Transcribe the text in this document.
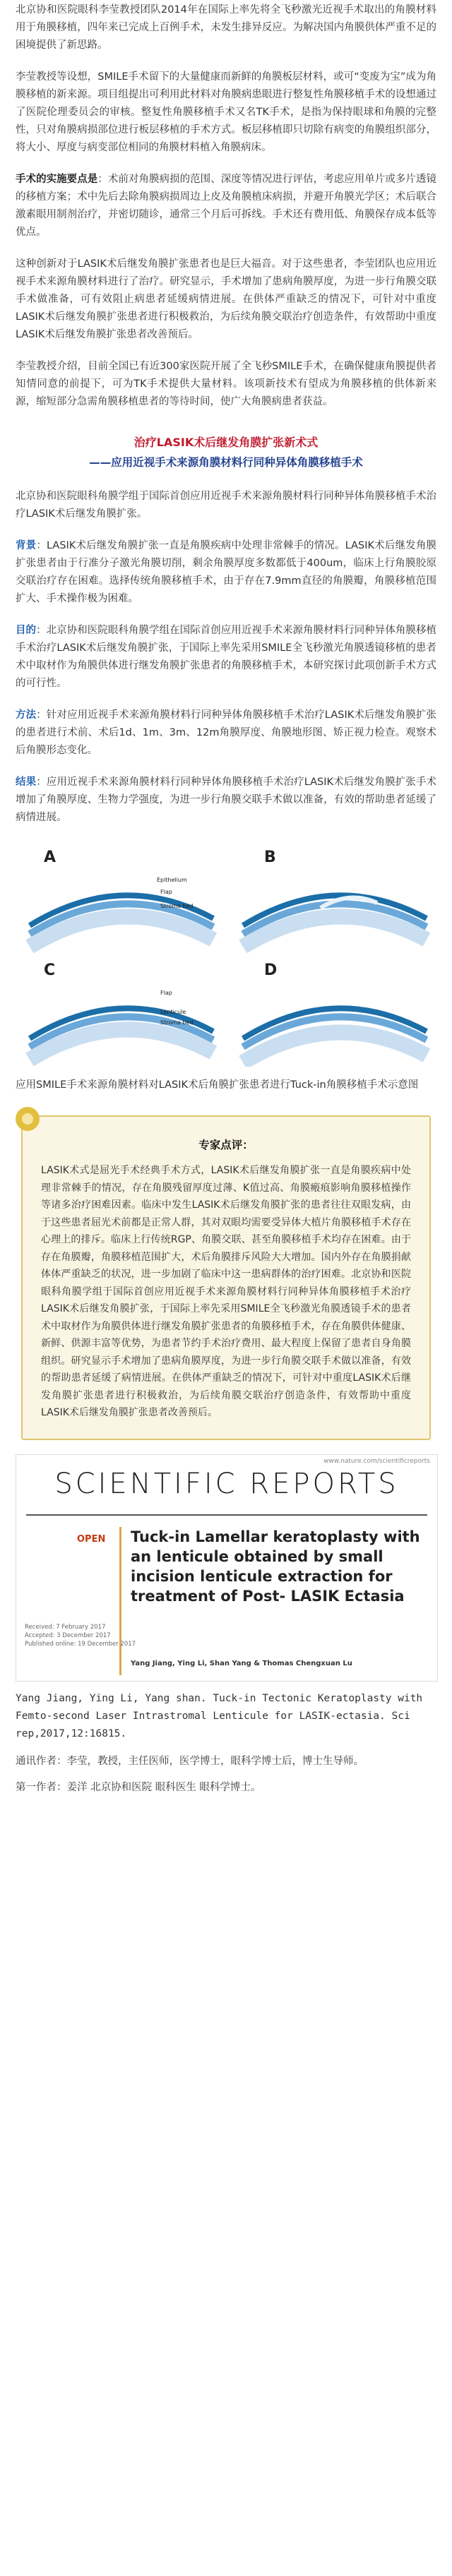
北京协和医院眼科李莹教授团队2014年在国际上率先将全飞秒激光近视手术取出的角膜材料用于角膜移植，四年来已完成上百例手术，未发生排异反应。为解决国内角膜供体严重不足的困境提供了新思路。

李莹教授等设想，SMILE手术留下的大量健康而新鲜的角膜板层材料，或可“变废为宝”成为角膜移植的新来源。项目组提出可利用此材料对角膜病患眼进行整复性角膜移植手术的设想通过了医院伦理委员会的审核。整复性角膜移植手术又名TK手术，是指为保持眼球和角膜的完整性，只对角膜病损部位进行板层移植的手术方式。板层移植即只切除有病变的角膜组织部分，将大小、厚度与病变部位相同的角膜材料植入角膜病床。

手术的实施要点是：术前对角膜病损的范围、深度等情况进行评估，考虑应用单片或多片透镜的移植方案；术中先后去除角膜病损周边上皮及角膜植床病损，并避开角膜光学区；术后联合激素眼用制剂治疗，并密切随诊，通常三个月后可拆线。手术还有费用低、角膜保存成本低等优点。

这种创新对于LASIK术后继发角膜扩张患者也是巨大福音。对于这些患者，李莹团队也应用近视手术来源角膜材料进行了治疗。研究显示，手术增加了患病角膜厚度，为进一步行角膜交联手术做准备，可有效阻止病患者延缓病情进展。在供体严重缺乏的情况下，可针对中重度LASIK术后继发角膜扩张患者进行积极救治，为后续角膜交联治疗创造条件，有效帮助中重度LASIK术后继发角膜扩张患者改善预后。

李莹教授介绍，目前全国已有近300家医院开展了全飞秒SMILE手术，在确保健康角膜提供者知情同意的前提下，可为TK手术提供大量材料。该项新技术有望成为角膜移植的供体新来源，缩短部分急需角膜移植患者的等待时间，使广大角膜病患者获益。

治疗LASIK术后继发角膜扩张新术式
——应用近视手术来源角膜材料行同种异体角膜移植手术

北京协和医院眼科角膜学组于国际首创应用近视手术来源角膜材料行同种异体角膜移植手术治疗LASIK术后继发角膜扩张。

背景：LASIK术后继发角膜扩张一直是角膜疾病中处理非常棘手的情况。LASIK术后继发角膜扩张患者由于行准分子激光角膜切削，剩余角膜厚度多数都低于400um，临床上行角膜胶原交联治疗存在困难。选择传统角膜移植手术，由于存在7.9mm直径的角膜瓣，角膜移植范围扩大、手术操作极为困难。

目的：北京协和医院眼科角膜学组在国际首创应用近视手术来源角膜材料行同种异体角膜移植手术治疗LASIK术后继发角膜扩张，于国际上率先采用SMILE全飞秒激光角膜透镜移植的患者术中取材作为角膜供体进行继发角膜扩张患者的角膜移植手术，本研究探讨此项创新手术方式的可行性。

方法：针对应用近视手术来源角膜材料行同种异体角膜移植手术治疗LASIK术后继发角膜扩张的患者进行术前、术后1d、1m、3m、12m角膜厚度、角膜地形图、矫正视力检查。观察术后角膜形态变化。

结果：应用近视手术来源角膜材料行同种异体角膜移植手术治疗LASIK术后继发角膜扩张手术增加了角膜厚度、生物力学强度，为进一步行角膜交联手术做以准备，有效的帮助患者延缓了病情进展。

A
Epithelium
Flap
Stroma bed
B
C
Flap
Lenticule
Stroma bed
D

应用SMILE手术来源角膜材料对LASIK术后角膜扩张患者进行Tuck-in角膜移植手术示意图

专家点评：
LASIK术式是屈光手术经典手术方式，LASIK术后继发角膜扩张一直是角膜疾病中处理非常棘手的情况，存在角膜残留厚度过薄、K值过高、角膜瘢痕影响角膜移植操作等诸多治疗困难因素。临床中发生LASIK术后继发角膜扩张的患者往往双眼发病，由于这些患者屈光术前都是正常人群，其对双眼均需要受异体大植片角膜移植手术存在心理上的排斥。临床上行传统RGP、角膜交联、甚至角膜移植手术均存在困难。由于存在角膜瓣，角膜移植范围扩大，术后角膜排斥风险大大增加。国内外存在角膜捐献体体严重缺乏的状况，进一步加剧了临床中这一患病群体的治疗困难。北京协和医院眼科角膜学组于国际首创应用近视手术来源角膜材料行同种异体角膜移植手术治疗LASIK术后继发角膜扩张，于国际上率先采用SMILE全飞秒激光角膜透镜手术的患者术中取材作为角膜供体进行继发角膜扩张患者的角膜移植手术，存在角膜供体健康、新鲜、供源丰富等优势，为患者节约手术治疗费用、最大程度上保留了患者自身角膜组织。研究显示手术增加了患病角膜厚度，为进一步行角膜交联手术做以准备，有效的帮助患者延缓了病情进展。在供体严重缺乏的情况下，可针对中重度LASIK术后继发角膜扩张患者进行积极救治，为后续角膜交联治疗创造条件，有效帮助中重度LASIK术后继发角膜扩张患者改善预后。
www.nature.com/scientificreports
SCIENTIFIC REPORTS
OPEN Tuck-in Lamellar keratoplasty with an lenticule obtained by small incision lenticule extraction for treatment of Post- LASIK Ectasia
Yang Jiang, Ying Li, Shan Yang & Thomas Chengxuan Lu
Received: 7 February 2017
Accepted: 3 December 2017
Published online: 19 December 2017

Yang Jiang, Ying Li, Yang shan. Tuck-in Tectonic Keratoplasty with Femto-second Laser Intrastromal Lenticule for LASIK-ectasia. Sci rep,2017,12:16815.

通讯作者：李莹，教授，主任医师，医学博士，眼科学博士后，博士生导师。

第一作者：姜洋 北京协和医院 眼科医生 眼科学博士。
